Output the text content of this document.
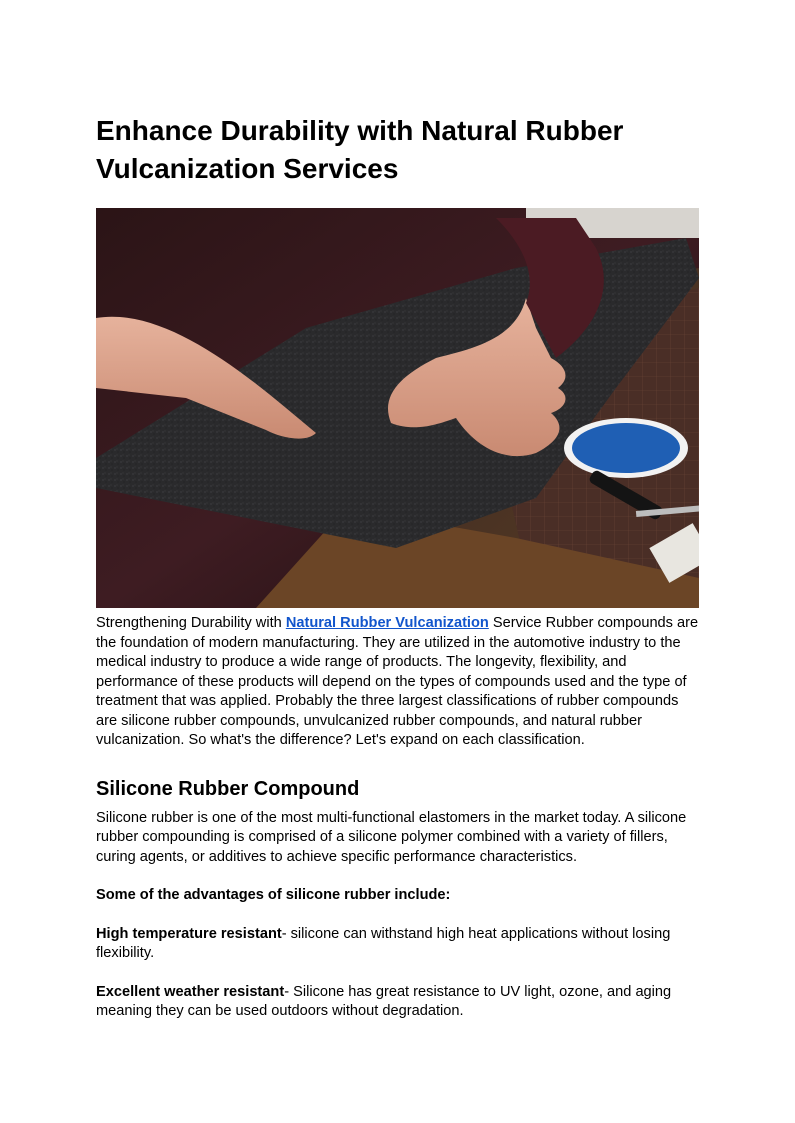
Enhance Durability with Natural Rubber Vulcanization Services

Strengthening Durability with Natural Rubber Vulcanization Service Rubber compounds are the foundation of modern manufacturing. They are utilized in the automotive industry to the medical industry to produce a wide range of products. The longevity, flexibility, and performance of these products will depend on the types of compounds used and the type of treatment that was applied. Probably the three largest classifications of rubber compounds are silicone rubber compounds, unvulcanized rubber compounds, and natural rubber vulcanization. So what's the difference? Let's expand on each classification.

Silicone Rubber Compound

Silicone rubber is one of the most multi-functional elastomers in the market today. A silicone rubber compounding is comprised of a silicone polymer combined with a variety of fillers, curing agents, or additives to achieve specific performance characteristics.

Some of the advantages of silicone rubber include:

High temperature resistant- silicone can withstand high heat applications without losing flexibility.

Excellent weather resistant- Silicone has great resistance to UV light, ozone, and aging meaning they can be used outdoors without degradation.
